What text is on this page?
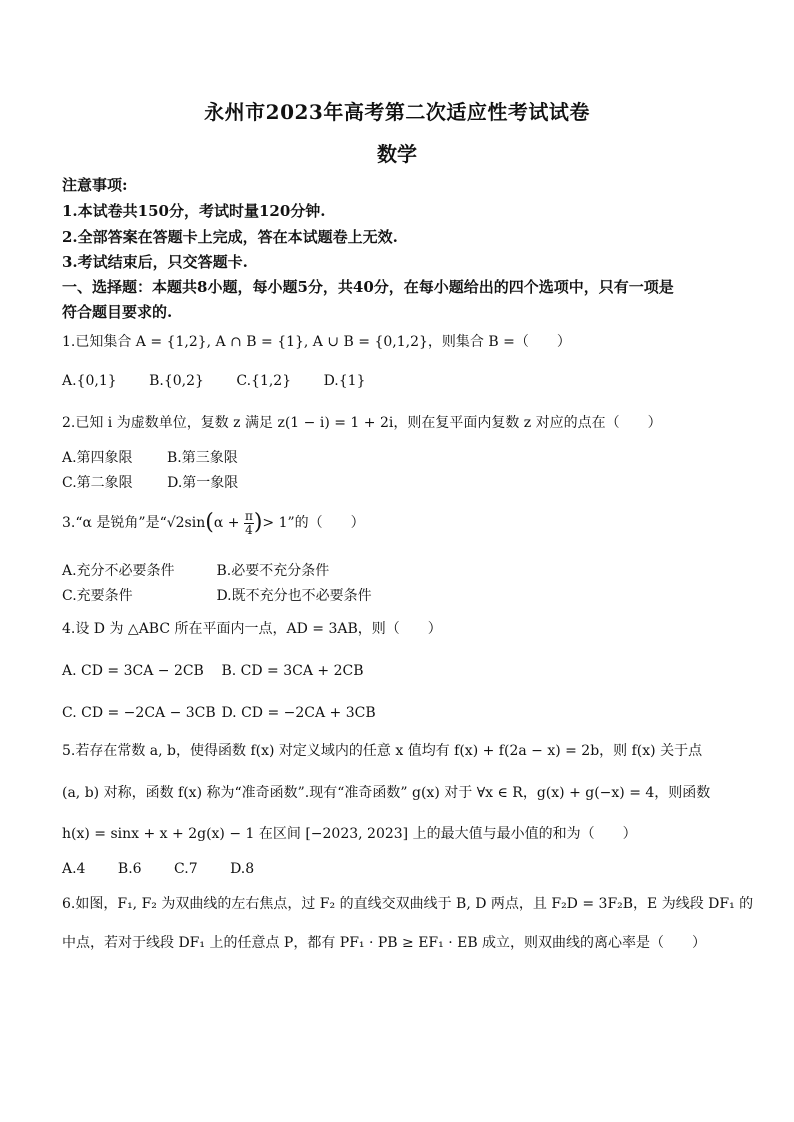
永州市2023年高考第二次适应性考试试卷
数学
注意事项:
1.本试卷共150分，考试时量120分钟.
2.全部答案在答题卡上完成，答在本试题卷上无效.
3.考试结束后，只交答题卡.
一、选择题：本题共8小题，每小题5分，共40分，在每小题给出的四个选项中，只有一项是
符合题目要求的.
1.已知集合 A = {1,2}, A ∩ B = {1}, A ∪ B = {0,1,2}，则集合 B =（　　）
A.{0,1} B.{0,2} C.{1,2} D.{1}
2.已知 i 为虚数单位，复数 z 满足 z(1 − i) = 1 + 2i，则在复平面内复数 z 对应的点在（　　）
A.第四象限 B.第三象限
C.第二象限 D.第一象限
3.“α 是锐角”是“$√2\sin(\alpha + \frac{\pi}{4}$ )> 1”的（　　）
A.充分不必要条件	B.必要不充分条件
C.充要条件	D.既不充分也不必要条件
4.设 D 为 △ABC 所在平面内一点，AD = 3AB，则（　　）
A. CD = 3CA − 2CB B. CD = 3CA + 2CB
C. CD = −2CA − 3CB D. CD = −2CA + 3CB
5.若存在常数 a, b，使得函数 f(x) 对定义域内的任意 x 值均有 f(x) + f(2a − x) = 2b，则 f(x) 关于点
(a, b) 对称，函数 f(x) 称为“准奇函数”.现有“准奇函数” g(x) 对于 ∀x ∈ R，g(x) + g(−x) = 4，则函数
h(x) = sinx + x + 2g(x) − 1 在区间 [−2023, 2023] 上的最大值与最小值的和为（　　）
A.4 B.6 C.7 D.8
6.如图，F₁, F₂ 为双曲线的左右焦点，过 F₂ 的直线交双曲线于 B, D 两点，且 F₂D = 3F₂B，E 为线段 DF₁ 的
中点，若对于线段 DF₁ 上的任意点 P，都有 PF₁ · PB ≥ EF₁ · EB 成立，则双曲线的离心率是（　　）
